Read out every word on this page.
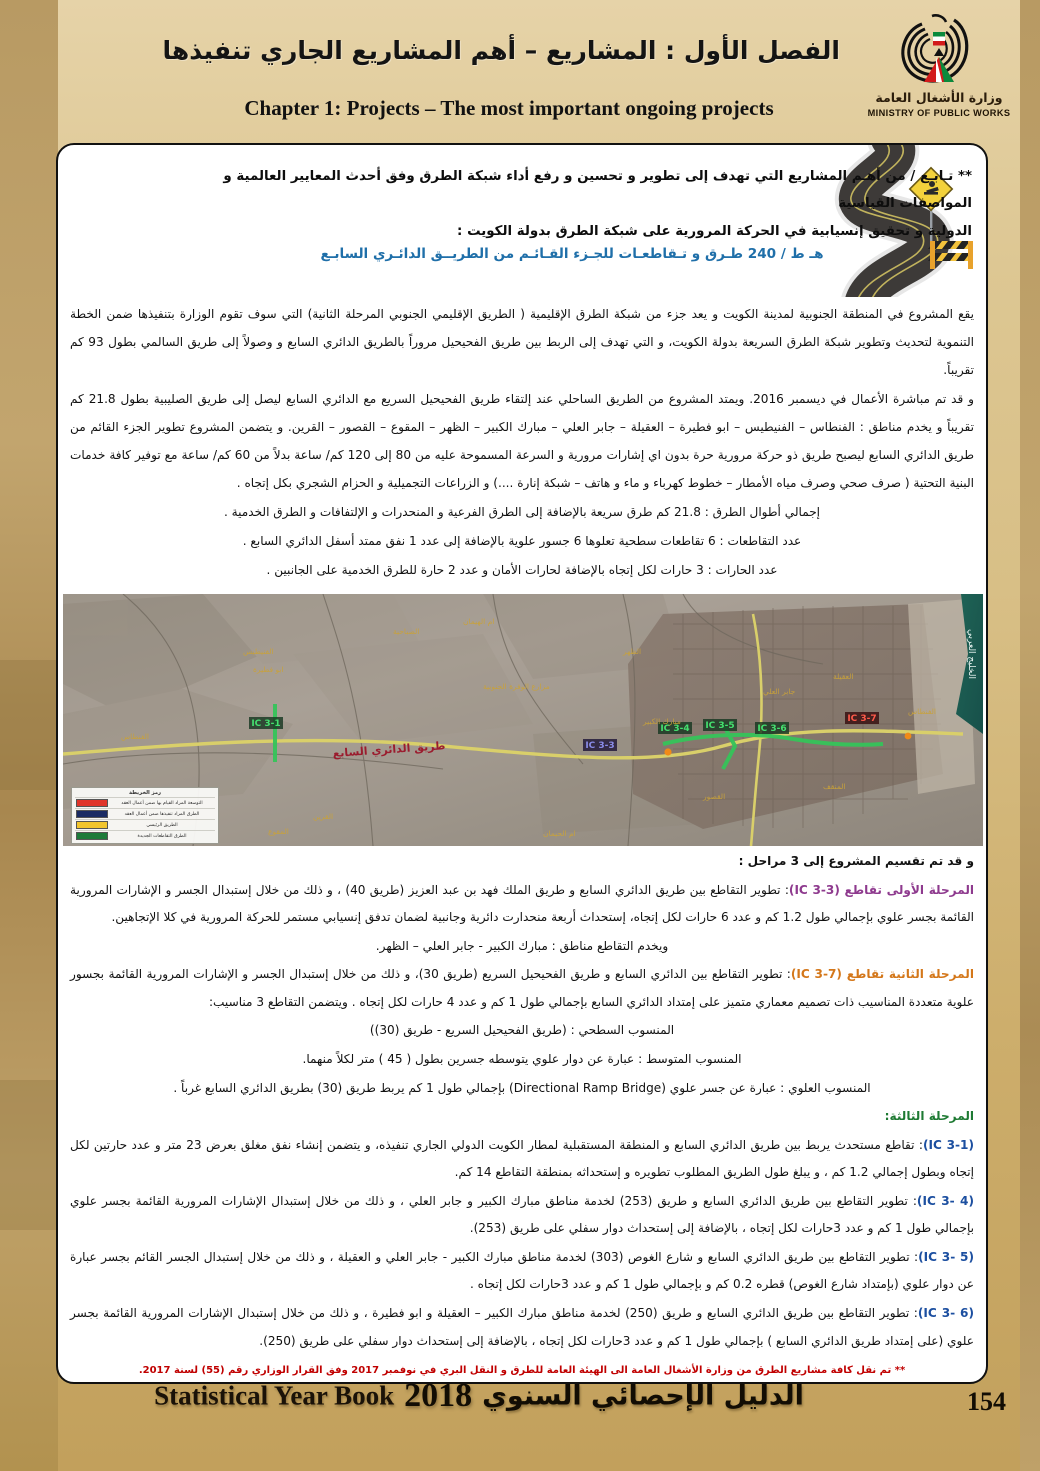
الفصل الأول : المشاريع – أهم المشاريع الجاري تنفيذها
Chapter 1: Projects – The most important ongoing projects	وزارة الأشغال العامة
MINISTRY OF PUBLIC WORKS
** تـابـع / من أهـم المشاريع التي تهدف إلى تطوير و تحسين و رفع أداء شبكة الطرق وفق أحدث المعايير العالمية و المواصفات القياسية
الدولية و تحقيق إنسيابية في الحركة المرورية على شبكة الطرق بدولة الكويت :
هـ ط / 240 طـرق و تـقاطعـات للجـزء القـائـم من الطريــق الدائـري السابـع

يقع المشروع في المنطقة الجنوبية لمدينة الكويت و يعد جزء من شبكة الطرق الإقليمية ( الطريق الإقليمي الجنوبي المرحلة الثانية) التي سوف تقوم الوزارة بتنفيذها ضمن الخطة التنموية لتحديث وتطوير شبكة الطرق السريعة بدولة الكويت، و التي تهدف إلى الربط بين طريق الفحيحيل مروراً بالطريق الدائري السابع و وصولاً إلى طريق السالمي بطول 93 كم تقريباً.

و قد تم مباشرة الأعمال في ديسمبر 2016. ويمتد المشروع من الطريق الساحلي عند إلتقاء طريق الفحيحيل السريع مع الدائري السابع ليصل إلى طريق الصليبية بطول 21.8 كم تقريباً و يخدم مناطق : الفنطاس – الفنيطيس – ابو فطيرة – العقيلة – جابر العلي – مبارك الكبير – الظهر – المقوع – القصور – القرين. و يتضمن المشروع تطوير الجزء القائم من طريق الدائري السابع ليصبح طريق ذو حركة مرورية حرة بدون اي إشارات مرورية و السرعة المسموحة عليه من 80 إلى 120 كم/ ساعة بدلاً من 60 كم/ ساعة مع توفير كافة خدمات البنية التحتية ( صرف صحي وصرف مياه الأمطار – خطوط كهرباء و ماء و هاتف – شبكة إنارة ....) و الزراعات التجميلية و الحزام الشجري بكل إتجاه .

إجمالي أطوال الطرق : 21.8 كم طرق سريعة بالإضافة إلى الطرق الفرعية و المنحدرات و الإلتفافات و الطرق الخدمية .

عدد التقاطعات : 6 تقاطعات سطحية تعلوها 6 جسور علوية بالإضافة إلى عدد 1 نفق ممتد أسفل الدائري السابع .

عدد الحارات : 3 حارات لكل إتجاه بالإضافة لحارات الأمان و عدد 2 حارة للطرق الخدمية على الجانبين .

الخليج العربي
IC 3-1
IC 3-3
IC 3-4 IC 3-5	IC 3-6
IC 3-7
طريق الدائري السابع
الفنطاس
الفنيطيس
ابو فطيرة
الصباحية
القرين
ام الهيمان
مزارع الوفرة الجنوبية
الظهر
مبارك الكبير
جابر العلي
العقيلة
المنقف
القصور
المقوع	ام الحيمان
الفنطاس
رمز الخريطة
التوسعة المراد القيام بها ضمن أعمال العقد
الطرق المراد تنفيذها ضمن أعمال العقد
الطريق الرئيسي
الطرق التقاطعات الجديدة

و قد تم تقسيم المشروع إلى 3 مراحل :

المرحلة الأولى تقاطع (IC 3-3): تطوير التقاطع بين طريق الدائري السابع و طريق الملك فهد بن عبد العزيز (طريق 40) ، و ذلك من خلال إستبدال الجسر و الإشارات المرورية القائمة بجسر علوي بإجمالي طول 1.2 كم و عدد 6 حارات لكل إتجاه، إستحداث أربعة منحدارت دائرية وجانبية لضمان تدفق إنسيابي مستمر للحركة المرورية في كلا الإتجاهين.

ويخدم التقاطع مناطق : مبارك الكبير - جابر العلي – الظهر.

المرحلة الثانية تقاطع (IC 3-7): تطوير التقاطع بين الدائري السابع و طريق الفحيحيل السريع (طريق 30)، و ذلك من خلال إستبدال الجسر و الإشارات المرورية القائمة بجسور علوية متعددة المناسيب ذات تصميم معماري متميز على إمتداد الدائري السابع بإجمالي طول 1 كم و عدد 4 حارات لكل إتجاه . ويتضمن التقاطع 3 مناسيب:

المنسوب السطحي : (طريق الفحيحيل السريع - طريق (30))

المنسوب المتوسط : عبارة عن دوار علوي يتوسطه جسرين بطول ( 45 ) متر لكلاً منهما.

المنسوب العلوي : عبارة عن جسر علوي (Directional Ramp Bridge) بإجمالي طول 1 كم يربط طريق (30) بطريق الدائري السابع غرباً .

المرحلة الثالثة:

(IC 3-1): تقاطع مستحدث يربط بين طريق الدائري السابع و المنطقة المستقبلية لمطار الكويت الدولي الجاري تنفيذه، و يتضمن إنشاء نفق مغلق بعرض 23 متر و عدد حارتين لكل إتجاه وبطول إجمالي 1.2 كم ، و يبلغ طول الطريق المطلوب تطويره و إستحداثه بمنطقة التقاطع 14 كم.

(IC 3- 4): تطوير التقاطع بين طريق الدائري السابع و طريق (253) لخدمة مناطق مبارك الكبير و جابر العلي ، و ذلك من خلال إستبدال الإشارات المرورية القائمة بجسر علوي بإجمالي طول 1 كم و عدد 3حارات لكل إتجاه ، بالإضافة إلى إستحداث دوار سفلي على طريق (253).

(IC 3- 5): تطوير التقاطع بين طريق الدائري السابع و شارع الغوص (303) لخدمة مناطق مبارك الكبير - جابر العلي و العقيلة ، و ذلك من خلال إستبدال الجسر القائم بجسر عبارة عن دوار علوي (بإمتداد شارع الغوص) قطره 0.2 كم و بإجمالي طول 1 كم و عدد 3حارات لكل إتجاه .

(IC 3- 6): تطوير التقاطع بين طريق الدائري السابع و طريق (250) لخدمة مناطق مبارك الكبير – العقيلة و ابو فطيرة ، و ذلك من خلال إستبدال الإشارات المرورية القائمة بجسر علوي (على إمتداد طريق الدائري السابع ) بإجمالي طول 1 كم و عدد 3حارات لكل إتجاه ، بالإضافة إلى إستحداث دوار سفلي على طريق (250).

** تم نقل كافة مشاريع الطرق من وزارة الأشغال العامة الى الهيئة العامة للطرق و النقل البري في نوفمبر 2017 وفق القرار الوزاري رقم (55) لسنة 2017.
Statistical Year Book 2018 الدليل الإحصائي السنوي	154
